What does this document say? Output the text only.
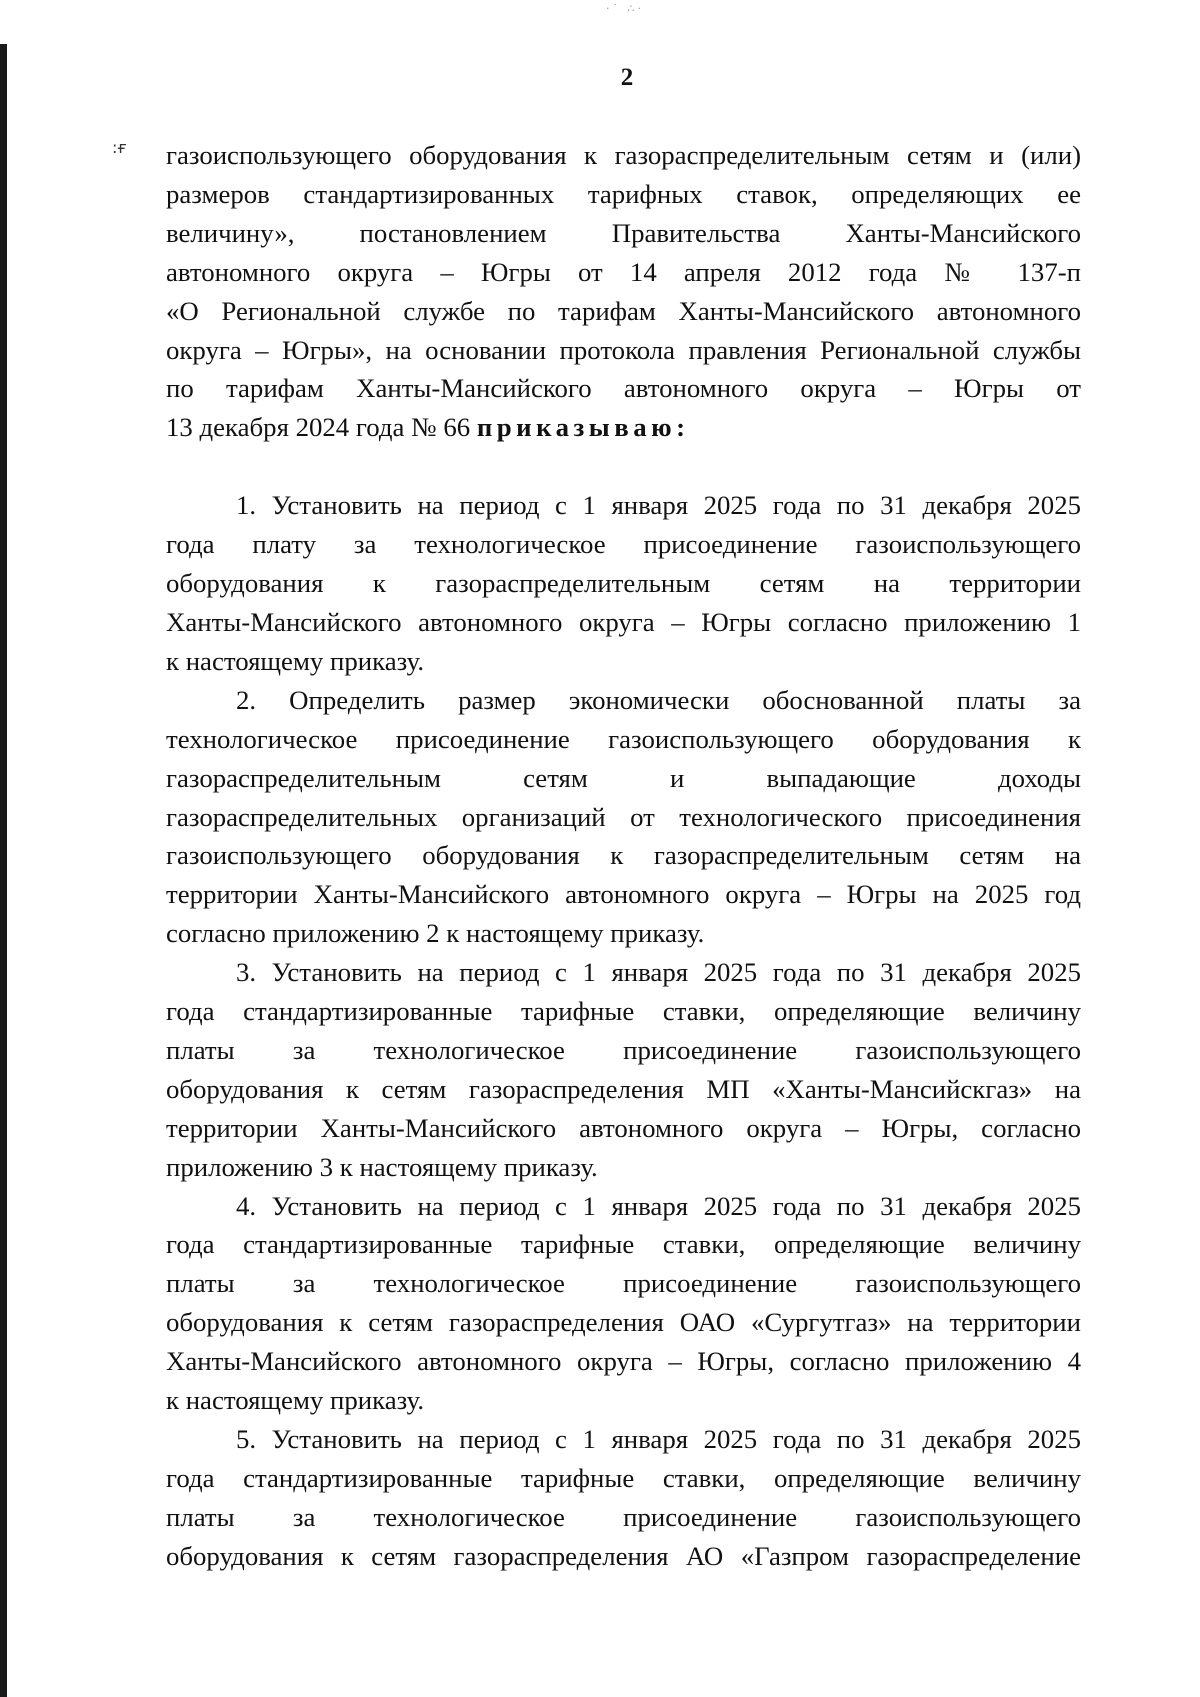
·˙ ∴·
:ғ
2

газоиспользующего оборудования к газораспределительным сетям и (или)
размеров стандартизированных тарифных ставок, определяющих ее
величину», постановлением Правительства Ханты-Мансийского
автономного округа – Югры от 14 апреля 2012 года № 137-п
«О Региональной службе по тарифам Ханты-Мансийского автономного
округа – Югры», на основании протокола правления Региональной службы
по тарифам Ханты-Мансийского автономного округа – Югры от
13 декабря 2024 года № 66 приказываю:

1. Установить на период с 1 января 2025 года по 31 декабря 2025
года плату за технологическое присоединение газоиспользующего
оборудования к газораспределительным сетям на территории
Ханты-Мансийского автономного округа – Югры согласно приложению 1
к настоящему приказу.

2. Определить размер экономически обоснованной платы за
технологическое присоединение газоиспользующего оборудования к
газораспределительным сетям и выпадающие доходы
газораспределительных организаций от технологического присоединения
газоиспользующего оборудования к газораспределительным сетям на
территории Ханты-Мансийского автономного округа – Югры на 2025 год
согласно приложению 2 к настоящему приказу.

3. Установить на период с 1 января 2025 года по 31 декабря 2025
года стандартизированные тарифные ставки, определяющие величину
платы за технологическое присоединение газоиспользующего
оборудования к сетям газораспределения МП «Ханты-Мансийскгаз» на
территории Ханты-Мансийского автономного округа – Югры, согласно
приложению 3 к настоящему приказу.

4. Установить на период с 1 января 2025 года по 31 декабря 2025
года стандартизированные тарифные ставки, определяющие величину
платы за технологическое присоединение газоиспользующего
оборудования к сетям газораспределения ОАО «Сургутгаз» на территории
Ханты-Мансийского автономного округа – Югры, согласно приложению 4
к настоящему приказу.

5. Установить на период с 1 января 2025 года по 31 декабря 2025
года стандартизированные тарифные ставки, определяющие величину
платы за технологическое присоединение газоиспользующего
оборудования к сетям газораспределения АО «Газпром газораспределение
